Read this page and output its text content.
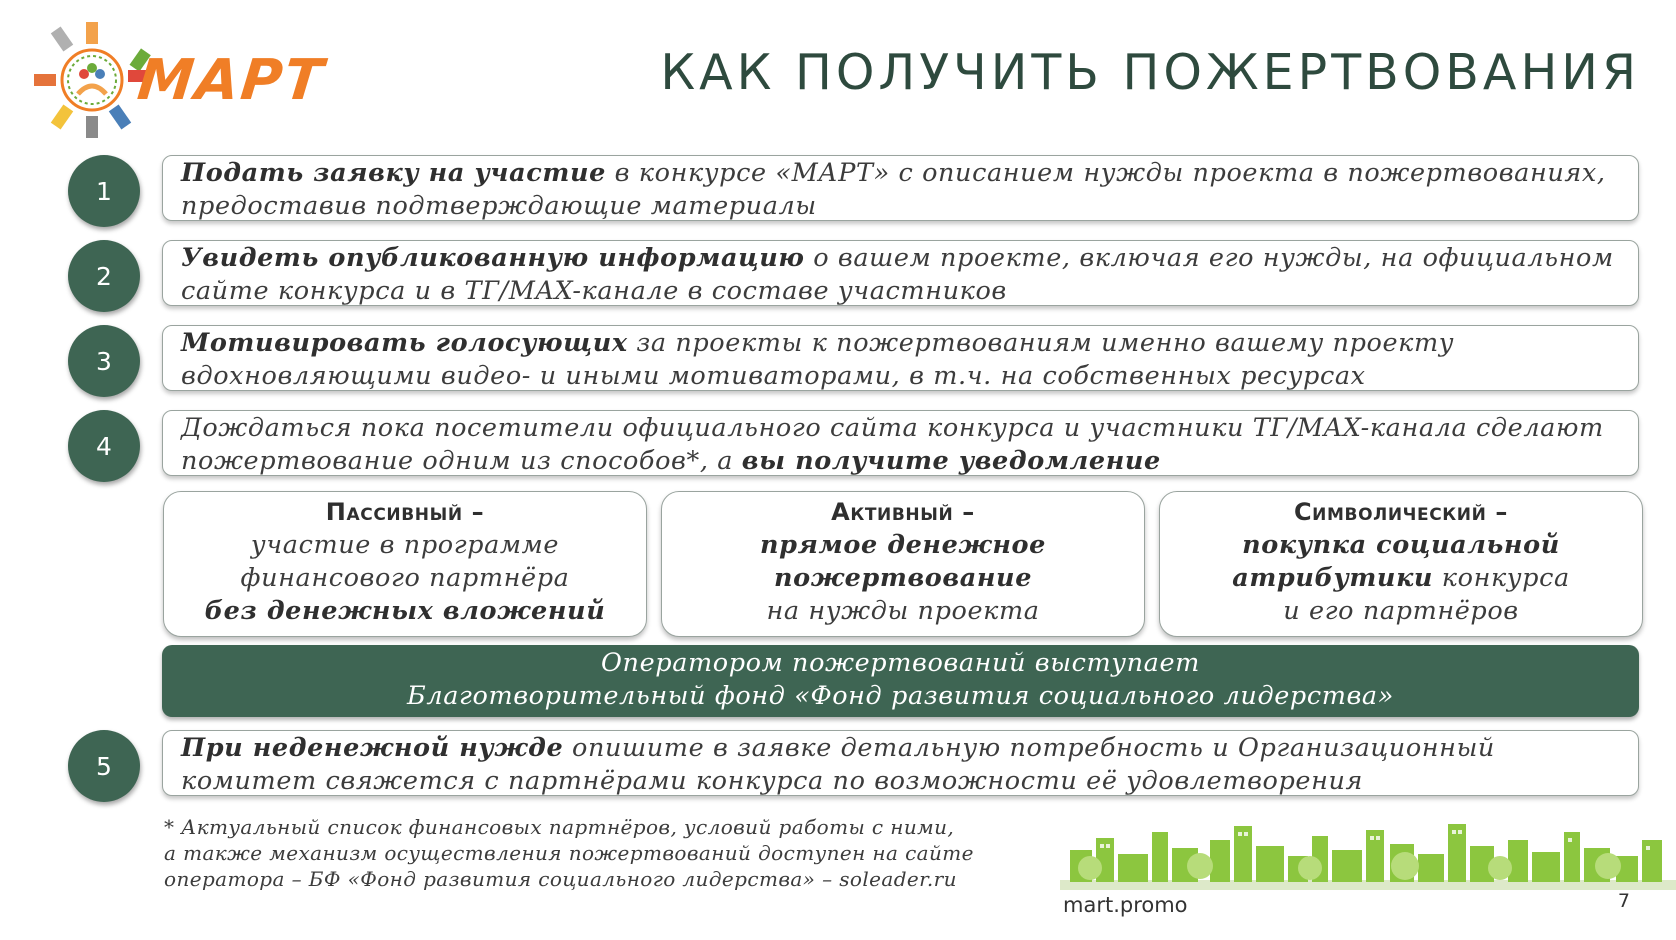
МАРТ	КАК ПОЛУЧИТЬ ПОЖЕРТВОВАНИЯ
1
Подать заявку на участие в конкурсе «МАРТ» с описанием нужды проекта в пожертвованиях, предоставив подтверждающие материалы
2
Увидеть опубликованную информацию о вашем проекте, включая его нужды, на официальном сайте конкурса и в ТГ/MAX-канале в составе участников
3
Мотивировать голосующих за проекты к пожертвованиям именно вашему проекту вдохновляющими видео- и иными мотиваторами, в т.ч. на собственных ресурсах
4
Дождаться пока посетители официального сайта конкурса и участники ТГ/MAX-канала сделают пожертвование одним из способов*, а вы получите уведомление
Пассивный –
участие в программе
финансового партнёра
без денежных вложений
Активный –
прямое денежное
пожертвование
на нужды проекта
Символический –
покупка социальной
атрибутики конкурса
и его партнёров
Оператором пожертвований выступает
Благотворительный фонд «Фонд развития социального лидерства»
5
При неденежной нужде опишите в заявке детальную потребность и Организационный комитет свяжется с партнёрами конкурса по возможности её удовлетворения
* Актуальный список финансовых партнёров, условий работы с ними,
а также механизм осуществления пожертвований доступен на сайте
оператора – БФ «Фонд развития социального лидерства» – soleader.ru
mart.promo	7
